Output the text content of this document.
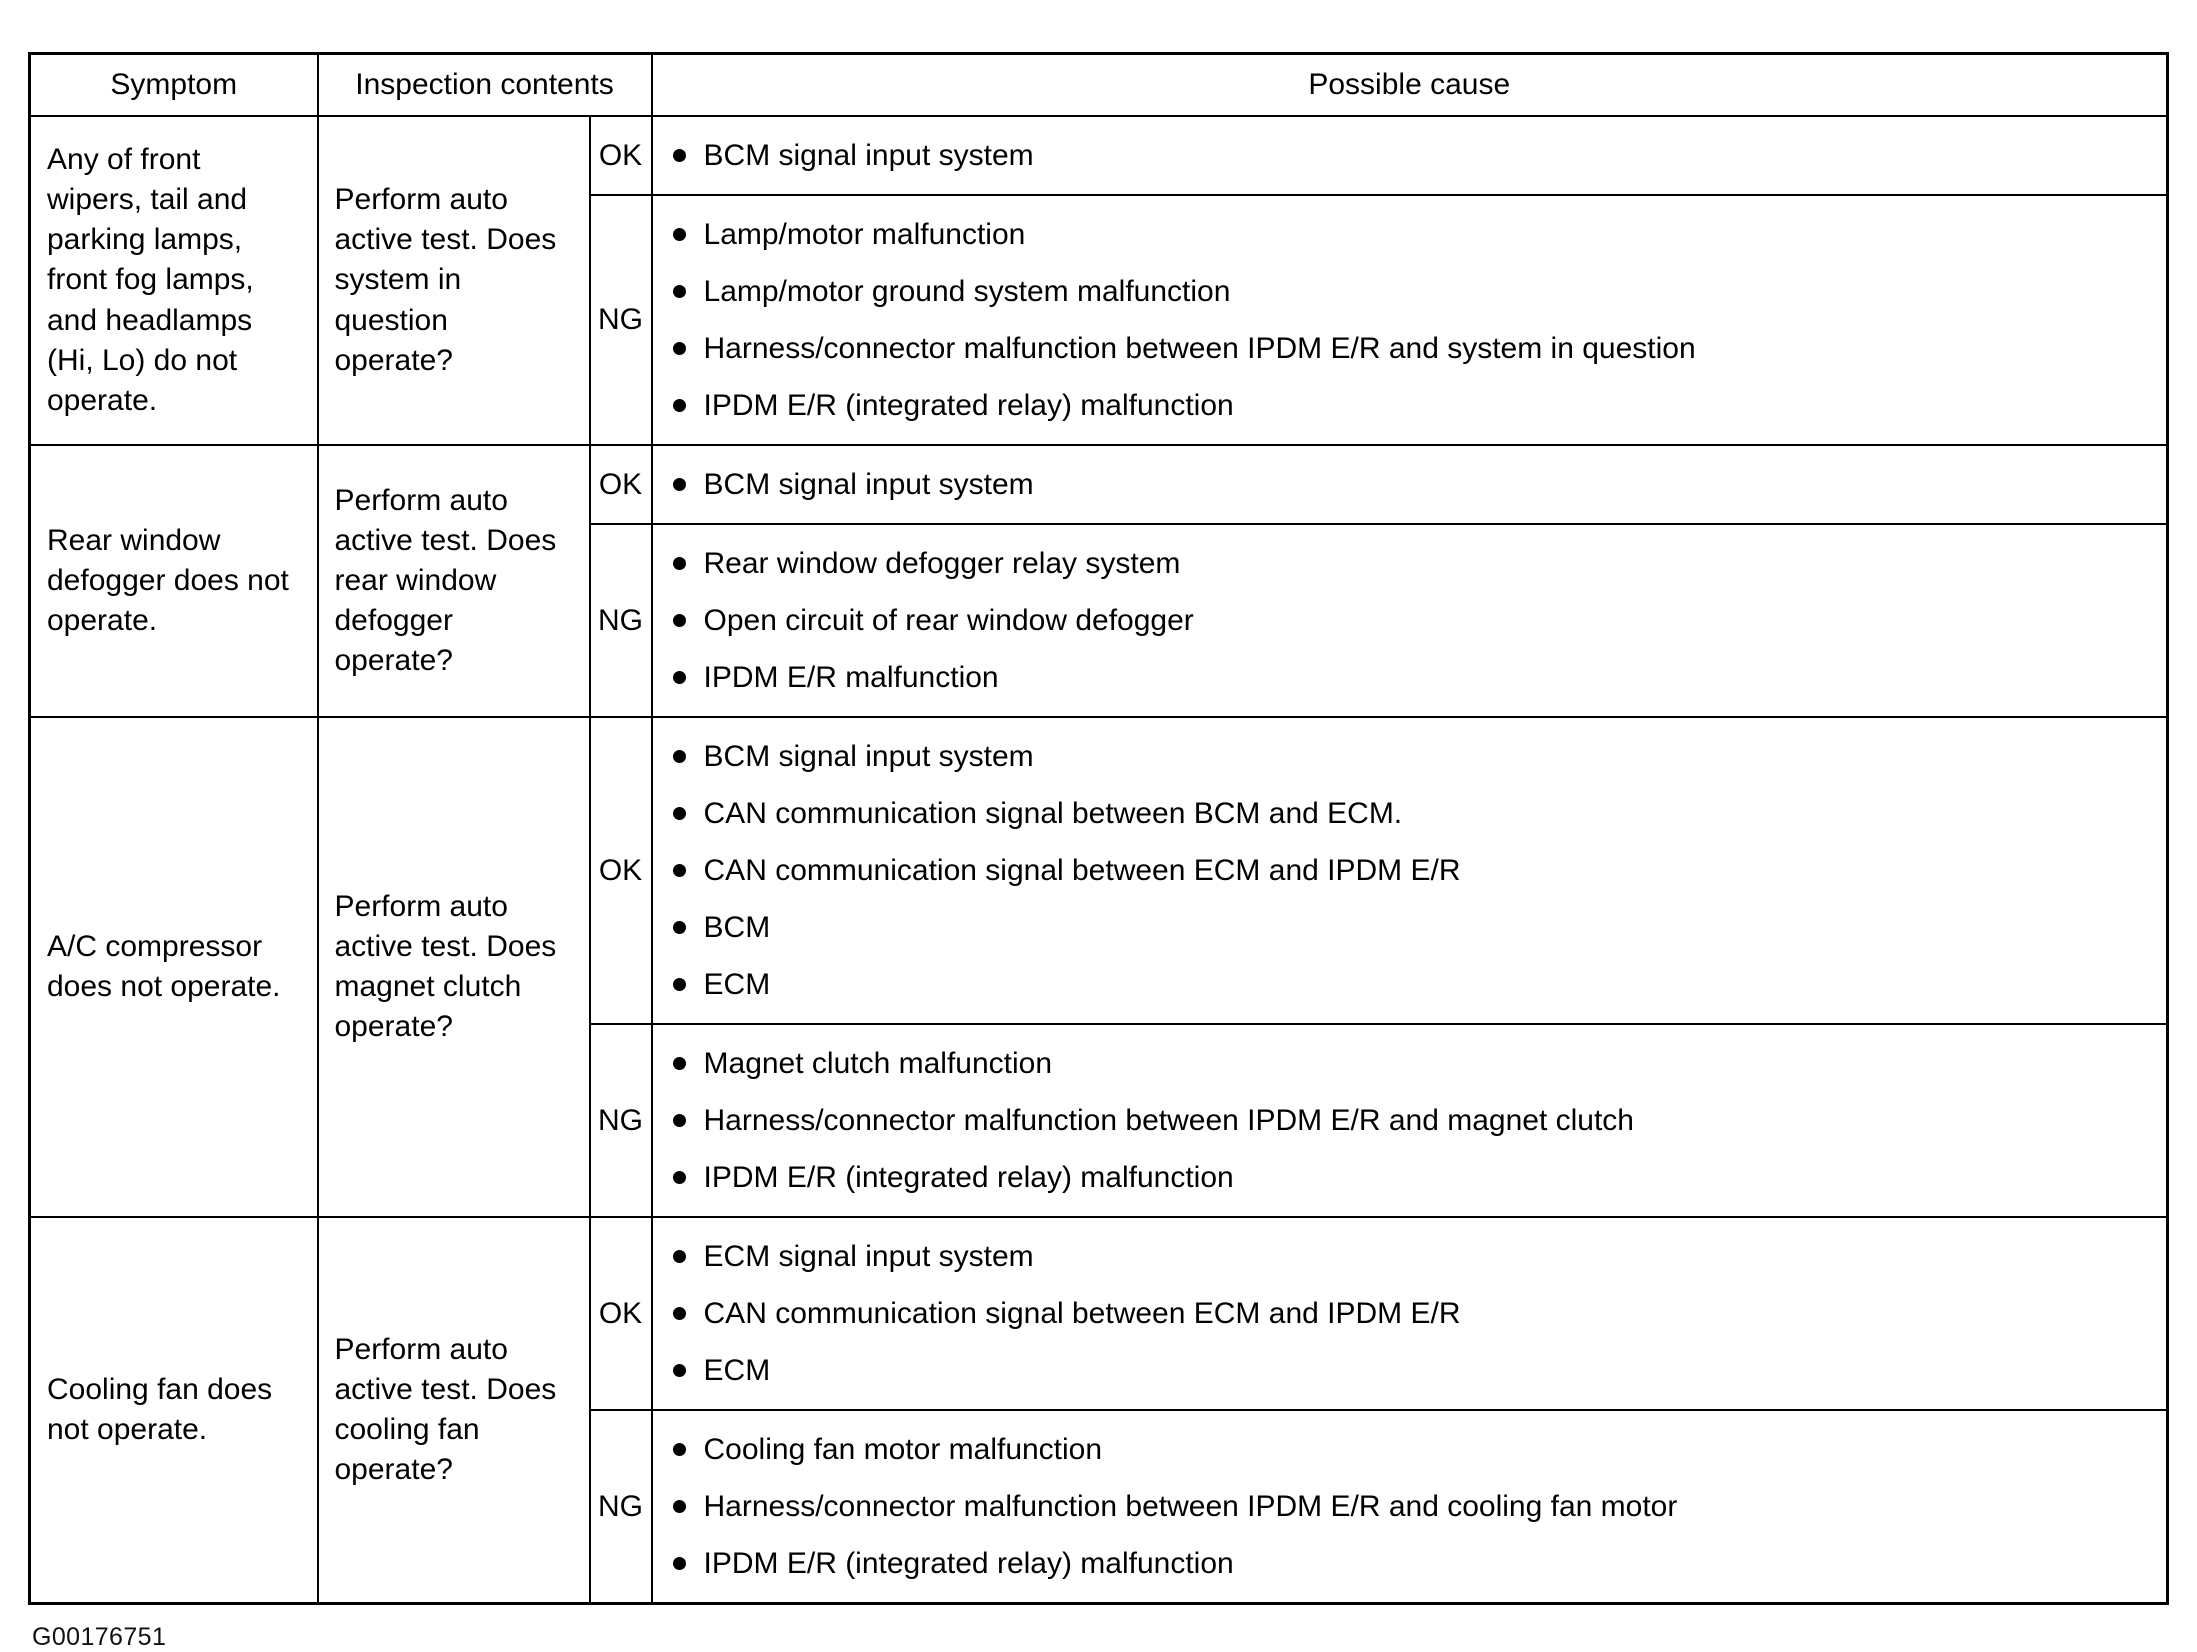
Symptom	Inspection contents		Possible cause

Any of front wipers, tail and parking lamps, front fog lamps, and headlamps (Hi, Lo) do not operate.	Perform auto active test. Does system in question operate?	OK	BCM signal input system

		NG	Lamp/motor malfunction
Lamp/motor ground system malfunction
Harness/connector malfunction between IPDM E/R and system in question
IPDM E/R (integrated relay) malfunction

Rear window defogger does not operate.	Perform auto active test. Does rear window defogger operate?	OK	BCM signal input system

		NG	Rear window defogger relay system
Open circuit of rear window defogger
IPDM E/R malfunction

A/C compressor does not operate.	Perform auto active test. Does magnet clutch operate?	OK	BCM signal input system
CAN communication signal between BCM and ECM.
CAN communication signal between ECM and IPDM E/R
BCM
ECM

		NG	Magnet clutch malfunction
Harness/connector malfunction between IPDM E/R and magnet clutch
IPDM E/R (integrated relay) malfunction

Cooling fan does not operate.	Perform auto active test. Does cooling fan operate?	OK	ECM signal input system
CAN communication signal between ECM and IPDM E/R
ECM

		NG	Cooling fan motor malfunction
Harness/connector malfunction between IPDM E/R and cooling fan motor
IPDM E/R (integrated relay) malfunction
G00176751
